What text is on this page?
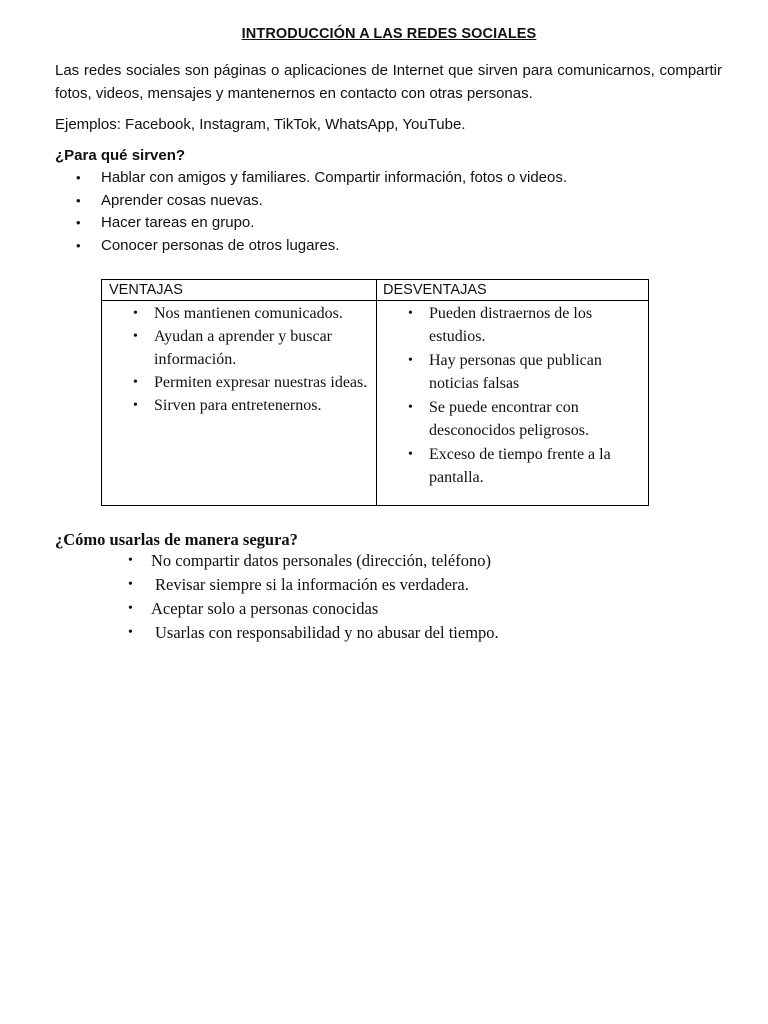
INTRODUCCIÓN A LAS REDES SOCIALES

Las redes sociales son páginas o aplicaciones de Internet que sirven para comunicarnos, compartir fotos, videos, mensajes y mantenernos en contacto con otras personas.

Ejemplos: Facebook, Instagram, TikTok, WhatsApp, YouTube.

¿Para qué sirven?

• Hablar con amigos y familiares. Compartir información, fotos o videos.
• Aprender cosas nuevas.
• Hacer tareas en grupo.
• Conocer personas de otros lugares.
VENTAJAS	DESVENTAJAS
• Nos mantienen comunicados.
• Ayudan a aprender y buscar información.
• Permiten expresar nuestras ideas.
• Sirven para entretenernos.
• Pueden distraernos de los estudios.
• Hay personas que publican noticias falsas
• Se puede encontrar con desconocidos peligrosos.
• Exceso de tiempo frente a la pantalla.

¿Cómo usarlas de manera segura?

• No compartir datos personales (dirección, teléfono)
• Revisar siempre si la información es verdadera.
• Aceptar solo a personas conocidas
• Usarlas con responsabilidad y no abusar del tiempo.
